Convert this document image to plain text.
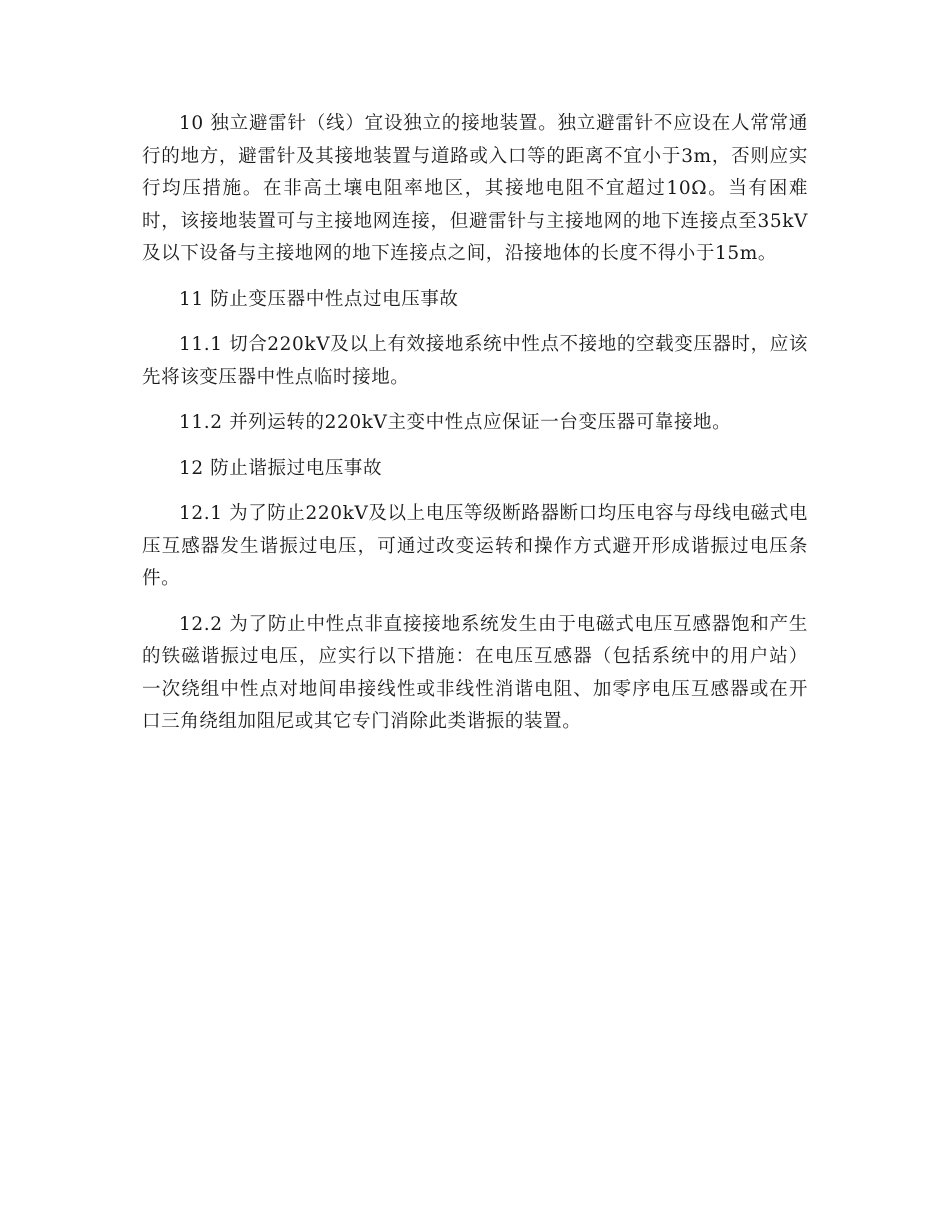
10 独立避雷针（线）宜设独立的接地装置。独立避雷针不应设在人常常通行的地方，避雷针及其接地装置与道路或入口等的距离不宜小于3m，否则应实行均压措施。在非高土壤电阻率地区，其接地电阻不宜超过10Ω。当有困难时，该接地装置可与主接地网连接，但避雷针与主接地网的地下连接点至35kV及以下设备与主接地网的地下连接点之间，沿接地体的长度不得小于15m。

11 防止变压器中性点过电压事故

11.1 切合220kV及以上有效接地系统中性点不接地的空载变压器时，应该先将该变压器中性点临时接地。

11.2 并列运转的220kV主变中性点应保证一台变压器可靠接地。

12 防止谐振过电压事故

12.1 为了防止220kV及以上电压等级断路器断口均压电容与母线电磁式电压互感器发生谐振过电压，可通过改变运转和操作方式避开形成谐振过电压条件。

12.2 为了防止中性点非直接接地系统发生由于电磁式电压互感器饱和产生的铁磁谐振过电压，应实行以下措施：在电压互感器（包括系统中的用户站）一次绕组中性点对地间串接线性或非线性消谐电阻、加零序电压互感器或在开口三角绕组加阻尼或其它专门消除此类谐振的装置。
